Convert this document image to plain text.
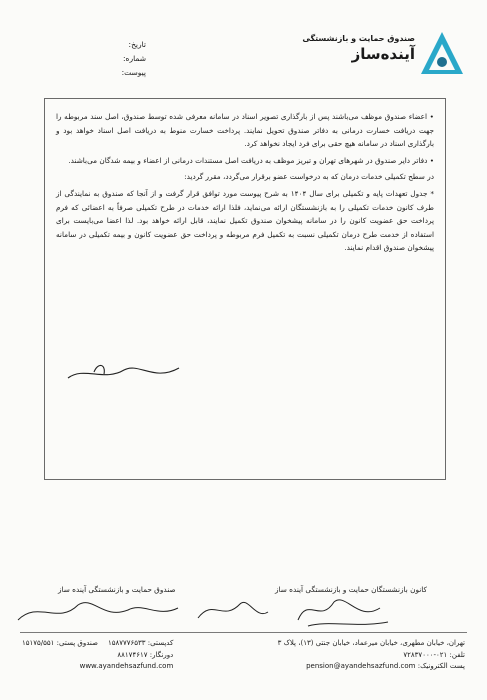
صندوق حمایت و بازنشستگی
آینده‌ساز
تاریخ:
شماره:
پیوست:

• اعضاء صندوق موظف می‌باشند پس از بارگذاری تصویر اسناد در سامانه معرفی شده توسط صندوق، اصل سند مربوطه را جهت دریافت خسارت درمانی به دفاتر صندوق تحویل نمایند. پرداخت خسارت منوط به دریافت اصل اسناد خواهد بود و بارگذاری اسناد در سامانه هیچ حقی برای فرد ایجاد نخواهد کرد.

• دفاتر دایر صندوق در شهرهای تهران و تبریز موظف به دریافت اصل مستندات درمانی از اعضاء و بیمه شدگان می‌باشند.

در سطح تکمیلی خدمات درمان که به درخواست عضو برقرار می‌گردد، مقرر گردید:

* جدول تعهدات پایه و تکمیلی برای سال ۱۴۰۴ به شرح پیوست مورد توافق قرار گرفت و از آنجا که صندوق به نمایندگی از طرف کانون خدمات تکمیلی را به بازنشستگان ارائه می‌نماید، فلذا ارائه خدمات در طرح تکمیلی صرفاً به اعضائی که فرم پرداخت حق عضویت کانون را در سامانه پیشخوان صندوق تکمیل نمایند، قابل ارائه خواهد بود. لذا اعضا می‌بایست برای استفاده از خدمت طرح درمان تکمیلی نسبت به تکمیل فرم مربوطه و پرداخت حق عضویت کانون و بیمه تکمیلی در سامانه پیشخوان صندوق اقدام نمایند.

صندوق حمایت و بازنشستگی آینده ساز	کانون بازنشستگان حمایت و بازنشستگی آینده ساز
تهران، خیابان مطهری، خیابان میرعماد، خیابان جنتی (۱۳)، پلاک ۳
تلفن: ۰۲۱-۷۲۸۳۷۰۰۰
پست الکترونیک: pension@ayandehsazfund.com
کدپستی: ۱۵۸۷۷۷۶۵۳۳
صندوق پستی: ۱۵۱۷۵/۵۵۱
دورنگار: ۸۸۱۷۴۶۱۷
www.ayandehsazfund.com
